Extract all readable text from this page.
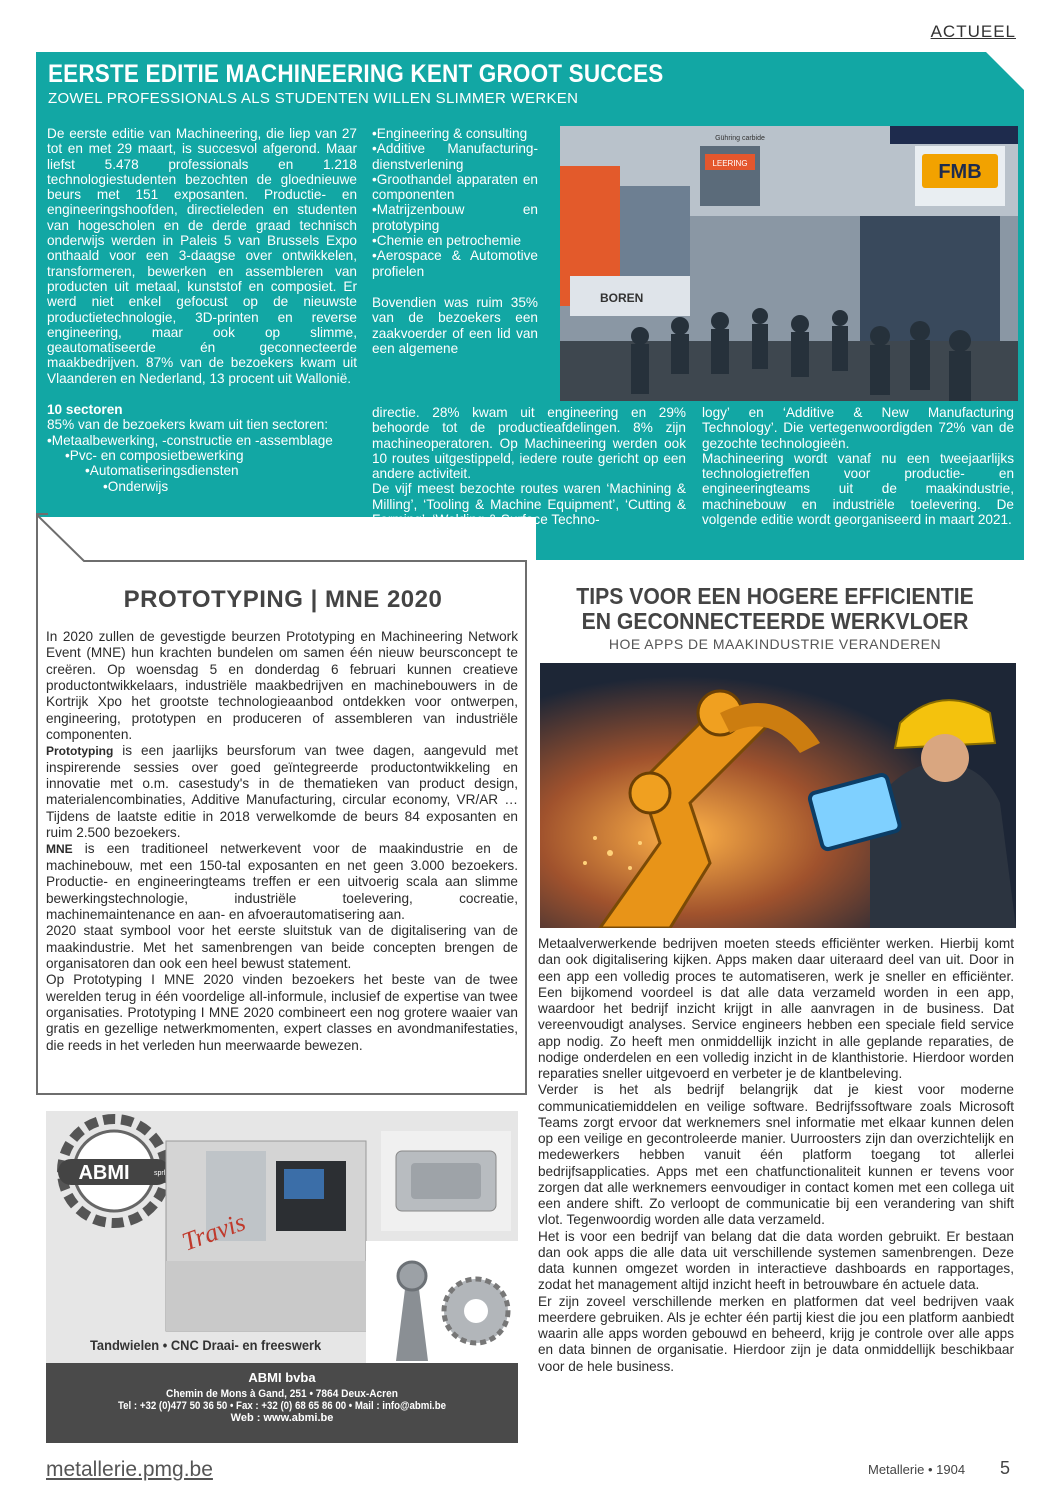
ACTUEEL
EERSTE EDITIE MACHINEERING KENT GROOT SUCCES
ZOWEL PROFESSIONALS ALS STUDENTEN WILLEN SLIMMER WERKEN

De eerste editie van Machineering, die liep van 27 tot en met 29 maart, is succesvol afgerond. Maar liefst 5.478 professionals en 1.218 technologiestudenten bezochten de gloednieuwe beurs met 151 exposanten. Productie- en engineeringshoofden, directieleden en studenten van hogescholen en de derde graad technisch onderwijs werden in Paleis 5 van Brussels Expo onthaald voor een 3-daagse over ontwikkelen, transformeren, bewerken en assembleren van producten uit metaal, kunststof en composiet. Er werd niet enkel gefocust op de nieuwste productietechnologie, 3D-printen en reverse engineering, maar ook op slimme, geautomatiseerde én geconnecteerde maakbedrijven. 87% van de bezoekers kwam uit Vlaanderen en Nederland, 13 procent uit Wallonië.

10 sectoren

85% van de bezoekers kwam uit tien sectoren:

•Metaalbewerking, -constructie en -assemblage
•Pvc- en composietbewerking
•Automatiseringsdiensten
•Onderwijs
•Engineering & consulting
•Additive Manufacturing-dienstverlening
•Groothandel apparaten en componenten
•Matrijzenbouw en prototyping
•Chemie en petrochemie
•Aerospace & Automotive profielen

Bovendien was ruim 35% van de bezoekers een zaakvoerder of een lid van een algemene

directie. 28% kwam uit engineering en 29% behoorde tot de productieafdelingen. 8% zijn machineoperatoren. Op Machineering werden ook 10 routes uitgestippeld, iedere route gericht op een andere activiteit.

De vijf meest bezochte routes waren ‘Machining & Milling’, ‘Tooling & Machine Equipment’, ‘Cutting & Forming’, ‘Welding & Surface Techno-

logy’ en ‘Additive & New Manufacturing Technology’. Die vertegenwoordigden 72% van de gezochte technologieën.

Machineering wordt vanaf nu een tweejaarlijks technologietreffen voor productie- en engineeringteams uit de maakindustrie, machinebouw en industriële toelevering. De volgende editie wordt georganiseerd in maart 2021.

FMB
LEERING
Gühring carbide
BOREN
PROTOTYPING | MNE 2020

In 2020 zullen de gevestigde beurzen Prototyping en Machineering Network Event (MNE) hun krachten bundelen om samen één nieuw beursconcept te creëren. Op woensdag 5 en donderdag 6 februari kunnen creatieve productontwikkelaars, industriële maakbedrijven en machinebouwers in de Kortrijk Xpo het grootste technologieaanbod ontdekken voor ontwerpen, engineering, prototypen en produceren of assembleren van industriële componenten.

Prototyping is een jaarlijks beursforum van twee dagen, aangevuld met inspirerende sessies over goed geïntegreerde productontwikkeling en innovatie met o.m. casestudy's in de thematieken van product design, materialencombinaties, Additive Manufacturing, circular economy, VR/AR … Tijdens de laatste editie in 2018 verwelkomde de beurs 84 exposanten en ruim 2.500 bezoekers.

MNE is een traditioneel netwerkevent voor de maakindustrie en de machinebouw, met een 150-tal exposanten en net geen 3.000 bezoekers. Productie- en engineeringteams treffen er een uitvoerig scala aan slimme bewerkingstechnologie, industriële toelevering, cocreatie, machinemaintenance en aan- en afvoerautomatisering aan.

2020 staat symbool voor het eerste sluitstuk van de digitalisering van de maakindustrie. Met het samenbrengen van beide concepten brengen de organisatoren dan ook een heel bewust statement.

Op Prototyping I MNE 2020 vinden bezoekers het beste van de twee werelden terug in één voordelige all-informule, inclusief de expertise van twee organisaties. Prototyping I MNE 2020 combineert een nog grotere waaier van gratis en gezellige netwerkmomenten, expert classes en avondmanifestaties, die reeds in het verleden hun meerwaarde bewezen.

ABMI	sprl
Travis
Tandwielen • CNC Draai- en freeswerk
ABMI bvba
Chemin de Mons à Gand, 251 • 7864 Deux-Acren
Tel : +32 (0)477 50 36 50 • Fax : +32 (0) 68 65 86 00 • Mail : info@abmi.be
Web : www.abmi.be
TIPS VOOR EEN HOGERE EFFICIENTIE
EN GECONNECTEERDE WERKVLOER
HOE APPS DE MAAKINDUSTRIE VERANDEREN

Metaalverwerkende bedrijven moeten steeds efficiënter werken. Hierbij komt dan ook digitalisering kijken. Apps maken daar uiteraard deel van uit. Door in een app een volledig proces te automatiseren, werk je sneller en efficiënter. Een bijkomend voordeel is dat alle data verzameld worden in een app, waardoor het bedrijf inzicht krijgt in alle aanvragen in de business. Dat vereenvoudigt analyses. Service engineers hebben een speciale field service app nodig. Zo heeft men onmiddellijk inzicht in alle geplande reparaties, de nodige onderdelen en een volledig inzicht in de klanthistorie. Hierdoor worden reparaties sneller uitgevoerd en verbeter je de klantbeleving.

Verder is het als bedrijf belangrijk dat je kiest voor moderne communicatiemiddelen en veilige software. Bedrijfssoftware zoals Microsoft Teams zorgt ervoor dat werknemers snel informatie met elkaar kunnen delen op een veilige en gecontroleerde manier. Uurroosters zijn dan overzichtelijk en medewerkers hebben vanuit één platform toegang tot allerlei bedrijfsapplicaties. Apps met een chatfunctionaliteit kunnen er tevens voor zorgen dat alle werknemers eenvoudiger in contact komen met een collega uit een andere shift. Zo verloopt de communicatie bij een verandering van shift vlot. Tegenwoordig worden alle data verzameld.

Het is voor een bedrijf van belang dat die data worden gebruikt. Er bestaan dan ook apps die alle data uit verschillende systemen samenbrengen. Deze data kunnen omgezet worden in interactieve dashboards en rapportages, zodat het management altijd inzicht heeft in betrouwbare én actuele data.

Er zijn zoveel verschillende merken en platformen dat veel bedrijven vaak meerdere gebruiken. Als je echter één partij kiest die jou een platform aanbiedt waarin alle apps worden gebouwd en beheerd, krijg je controle over alle apps en data binnen de organisatie. Hierdoor zijn je data onmiddellijk beschikbaar voor de hele business.

metallerie.pmg.be	Metallerie • 1904 5
